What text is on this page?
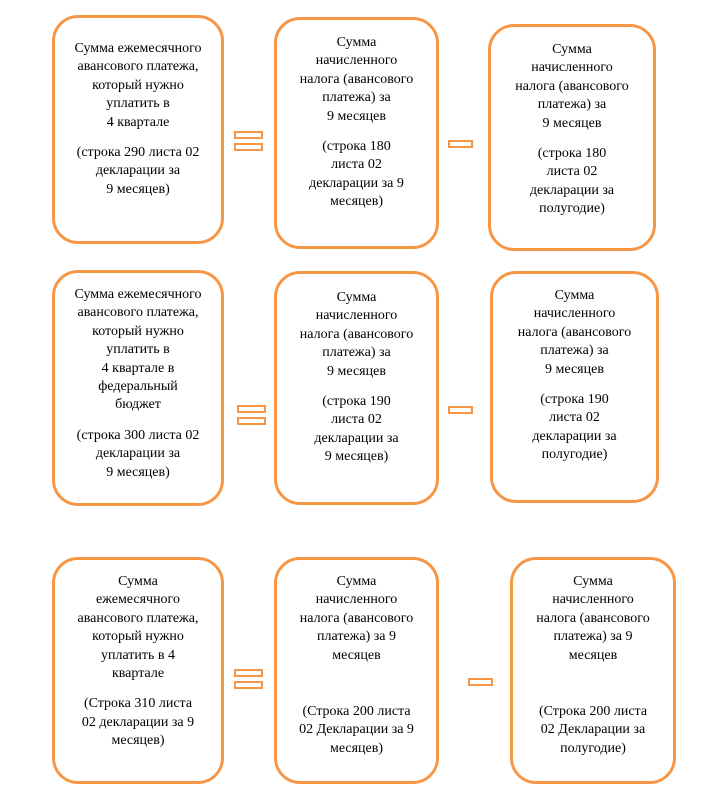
Сумма ежемесячного
авансового платежа,
который нужно
уплатить в
4 квартале
(строка 290 листа 02
декларации за
9 месяцев)
Сумма
начисленного
налога (авансового
платежа) за
9 месяцев
(строка 180
листа 02
декларации за 9
месяцев)
Сумма
начисленного
налога (авансового
платежа) за
9 месяцев
(строка 180
листа 02
декларации за
полугодие)
Сумма ежемесячного
авансового платежа,
который нужно
уплатить в
4 квартале в
федеральный
бюджет
(строка 300 листа 02
декларации за
9 месяцев)
Сумма
начисленного
налога (авансового
платежа) за
9 месяцев
(строка 190
листа 02
декларации за
9 месяцев)
Сумма
начисленного
налога (авансового
платежа) за
9 месяцев
(строка 190
листа 02
декларации за
полугодие)
Сумма
ежемесячного
авансового платежа,
который нужно
уплатить в 4
квартале
(Строка 310 листа
02 декларации за 9
месяцев)
Сумма
начисленного
налога (авансового
платежа) за 9
месяцев
(Строка 200 листа
02 Декларации за 9
месяцев)
Сумма
начисленного
налога (авансового
платежа) за 9
месяцев
(Строка 200 листа
02 Декларации за
полугодие)
